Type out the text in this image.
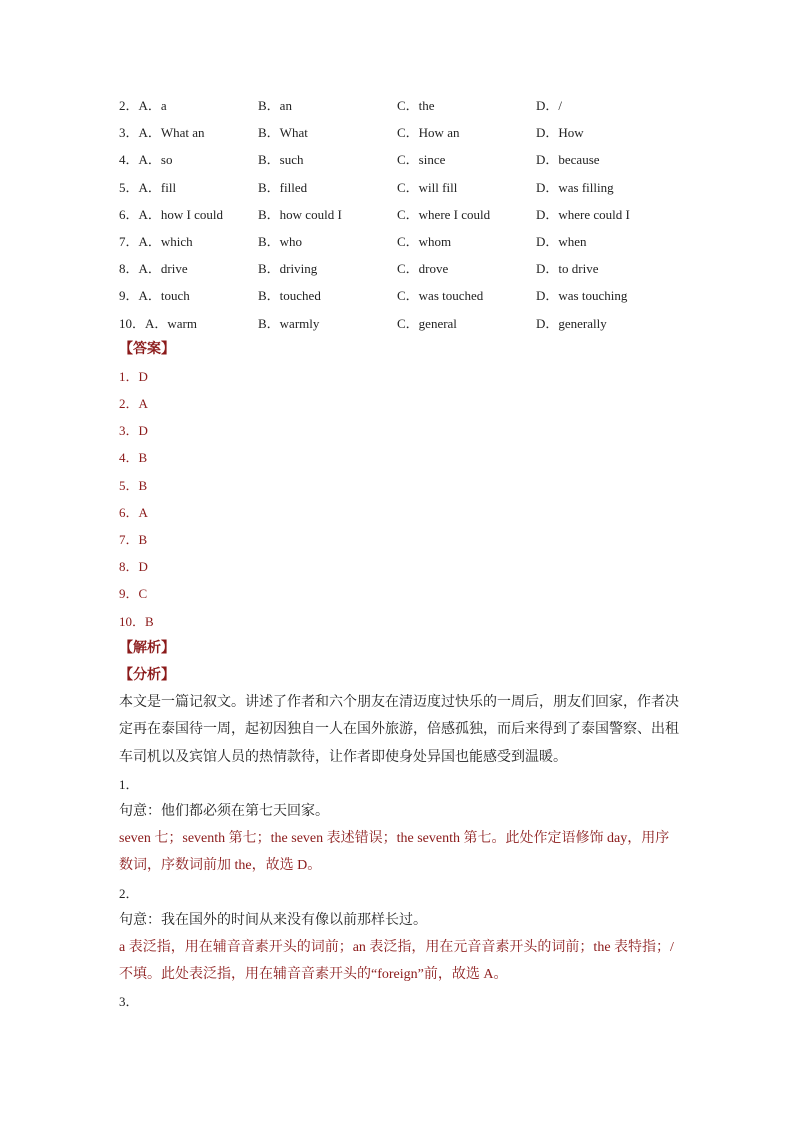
2．A．a	B．an	C．the	D．/
3．A．What an	B．What	C．How an	D．How
4．A．so	B．such	C．since	D．because
5．A．fill	B．filled	C．will fill	D．was filling
6．A．how I could	B．how could I	C．where I could	D．where could I
7．A．which	B．who	C．whom	D．when
8．A．drive	B．driving	C．drove	D．to drive
9．A．touch	B．touched	C．was touched	D．was touching
10．A．warm	B．warmly	C．general	D．generally
【答案】
1．D
2．A
3．D
4．B
5．B
6．A
7．B
8．D
9．C
10．B
【解析】
【分析】
本文是一篇记叙文。讲述了作者和六个朋友在清迈度过快乐的一周后，朋友们回家，作者决定再在泰国待一周，起初因独自一人在国外旅游，倍感孤独，而后来得到了泰国警察、出租车司机以及宾馆人员的热情款待，让作者即使身处异国也能感受到温暖。
1．
句意：他们都必须在第七天回家。
seven 七；seventh 第七；the seven 表述错误；the seventh 第七。此处作定语修饰 day，用序数词，序数词前加 the，故选 D。
2．
句意：我在国外的时间从来没有像以前那样长过。
a 表泛指，用在辅音音素开头的词前；an 表泛指，用在元音音素开头的词前；the 表特指；/ 不填。此处表泛指，用在辅音音素开头的“foreign”前，故选 A。
3．
